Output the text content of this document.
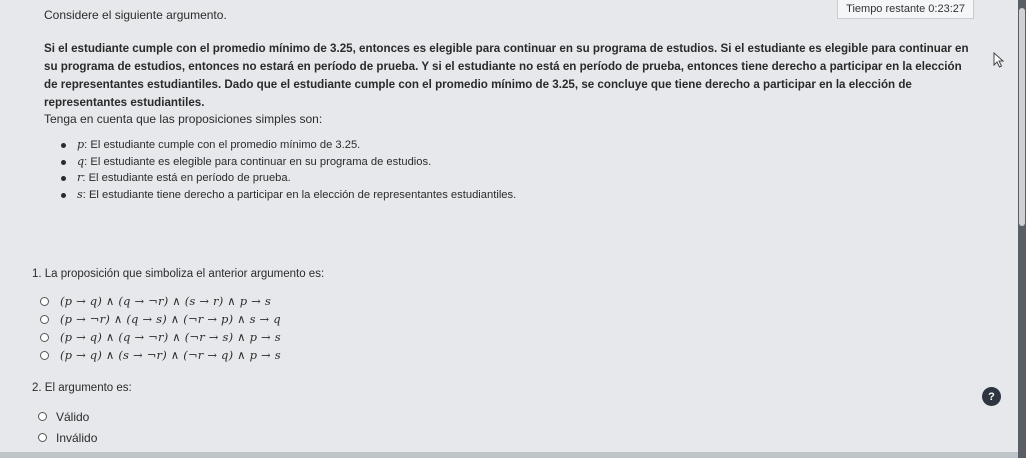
Tiempo restante 0:23:27
Considere el siguiente argumento.
Si el estudiante cumple con el promedio mínimo de 3.25, entonces es elegible para continuar en su programa de estudios. Si el estudiante es elegible para continuar en su programa de estudios, entonces no estará en período de prueba. Y si el estudiante no está en período de prueba, entonces tiene derecho a participar en la elección de representantes estudiantiles. Dado que el estudiante cumple con el promedio mínimo de 3.25, se concluye que tiene derecho a participar en la elección de representantes estudiantiles.
Tenga en cuenta que las proposiciones simples son:
p: El estudiante cumple con el promedio mínimo de 3.25.
q: El estudiante es elegible para continuar en su programa de estudios.
r: El estudiante está en período de prueba.
s: El estudiante tiene derecho a participar en la elección de representantes estudiantiles.
1. La proposición que simboliza el anterior argumento es:
(p → q) ∧ (q → ¬r) ∧ (s → r) ∧ p → s
(p → ¬r) ∧ (q → s) ∧ (¬r → p) ∧ s → q
(p → q) ∧ (q → ¬r) ∧ (¬r → s) ∧ p → s
(p → q) ∧ (s → ¬r) ∧ (¬r → q) ∧ p → s
2. El argumento es:
Válido
Inválido
?
